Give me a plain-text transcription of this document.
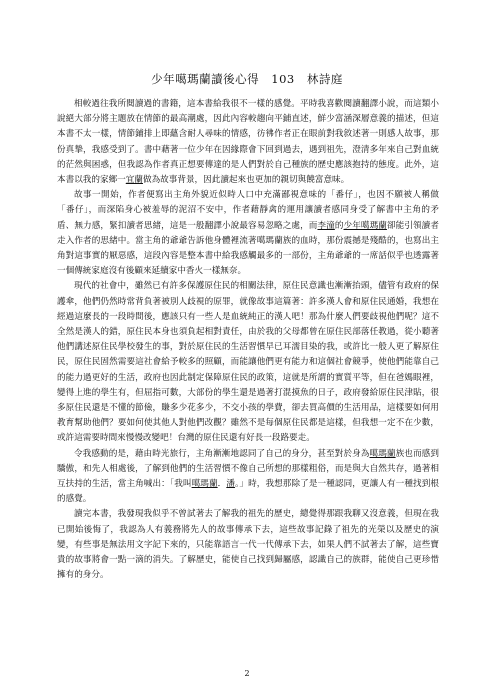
少年噶瑪蘭讀後心得 103 林詩庭

相較過往我所閱讀過的書籍，這本書給我很不一樣的感覺。平時我喜歡閱讀翻譯小說，而這類小說絕大部分將主題放在情節的最高潮處，因此內容較趨向平鋪直述，鮮少富涵深層意義的描述，但這本書不太一樣，情節鋪排上即蘊含耐人尋味的情感，彷彿作者正在眼前對我敘述著一則感人故事，那份真摯，我感受到了。書中藉著一位少年在因緣際會下回到過去，遇到祖先，澄清多年來自己對血統的茫然與困惑，但我認為作者真正想要傳達的是人們對於自己種族的歷史應該抱持的態度。此外，這本書以我的家鄉一宜蘭做為故事背景，因此讀起來也更加的親切與饒富意味。

故事一開始，作者便寫出主角外貌近似時人口中充滿鄙視意味的「番仔」，也因不願被人稱做「番仔」，而深陷身心被羞辱的泥沼不安中，作者藉靜禽的運用讓讀者感同身受了解書中主角的矛盾、無力感，緊扣讀者思緒，這是一般翻譯小說最容易忽略之處，而李潼的少年噶瑪蘭卻能引領讀者走入作者的思緒中。當主角的爺爺告訴他身體裡流著噶瑪蘭族的血時，那份震撼是殘酷的，也寫出主角對這事實的厭惡感，這段內容是整本書中給我感觸最多的一部份，主角爺爺的一席話似乎也透露著一個傳統家庭沒有後顧來延續家中香火一樣無奈。

現代的社會中，雖然已有許多保護原住民的相關法律，原住民意識也漸漸抬頭，儘管有政府的保護傘，他們仍然時常背負著被別人歧視的原罪，就像故事這篇著：許多漢人會和原住民通婚，我想在經過這麼長的一段時間後，應該只有一些人是血統純正的漢人吧！那為什麼人們要歧視他們呢？這不全然是漢人的錯，原住民本身也須負起相對責任，由於我的父母都曾在原住民部落任教過，從小聽著他們講述原住民學校發生的事，對於原住民的生活習慣早已耳濡目染的我，或許比一般人更了解原住民，原住民固然需要這社會給予較多的照顧，而能讓他們更有能力和這個社會競爭，使他們能靠自己的能力過更好的生活，政府也因此制定保障原住民的政策，這就是所謂的實質平等，但在爸媽眼裡，變得上進的學生有，但屈指可數，大部份的學生還是過著打混摸魚的日子，政府發給原住民津貼，很多原住民還是不懂的節儉，賺多少花多少，不交小孩的學費，卻去買高價的生活用品，這樣要如何用教育幫助他們？要如何使其他人對他們改觀？雖然不是每個原住民都是這樣，但我想一定不在少數，或許這需要時間來慢慢改變吧！台灣的原住民還有好長一段路要走。

令我感動的是，藉由時光旅行，主角漸漸地認同了自己的身分，甚至對於身為噶瑪蘭族也而感到驕傲，和先人相處後，了解到他們的生活習慣不像自己所想的那樣粗俗，而是與大自然共存，過著相互扶持的生活，當主角喊出：「我叫噶瑪蘭．潘。」時，我想那除了是一種認同，更讓人有一種找到根的感覺。

讀完本書，我發現我似乎不曾試著去了解我的祖先的歷史，總覺得那跟我聊又沒意義，但現在我已開始後悔了，我認為人有義務將先人的故事傳承下去，這些故事記錄了祖先的光榮以及歷史的演變，有些事是無法用文字記下來的，只能靠語言一代一代傳承下去，如果人們不試著去了解，這些寶貴的故事將會一點一滴的消失。了解歷史，能使自己找到歸屬感，認識自己的族群，能使自己更珍惜擁有的身分。

2
